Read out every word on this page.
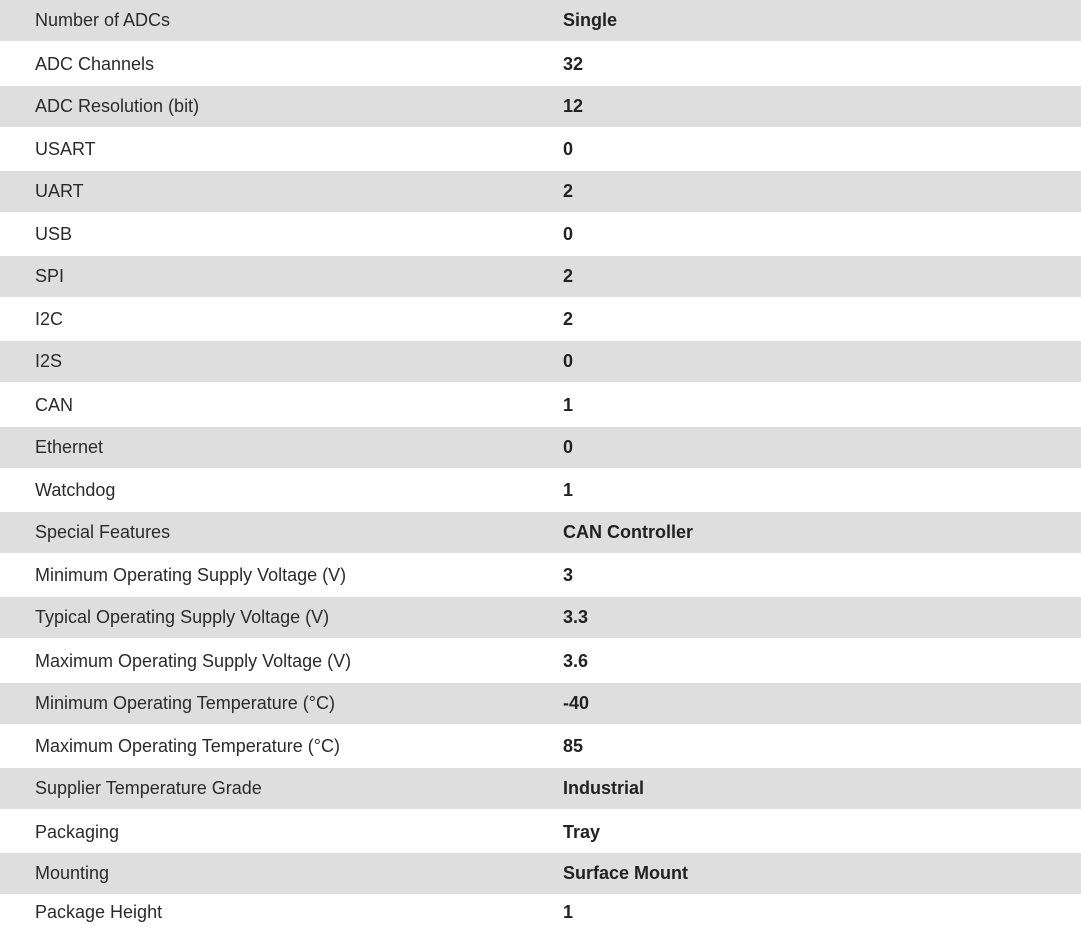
Number of ADCs	Single
ADC Channels	32
ADC Resolution (bit)	12
USART	0
UART	2
USB	0
SPI	2
I2C	2
I2S	0
CAN	1
Ethernet	0
Watchdog	1
Special Features	CAN Controller
Minimum Operating Supply Voltage (V)	3
Typical Operating Supply Voltage (V)	3.3
Maximum Operating Supply Voltage (V)	3.6
Minimum Operating Temperature (°C)	-40
Maximum Operating Temperature (°C)	85
Supplier Temperature Grade	Industrial
Packaging	Tray
Mounting	Surface Mount
Package Height	1
